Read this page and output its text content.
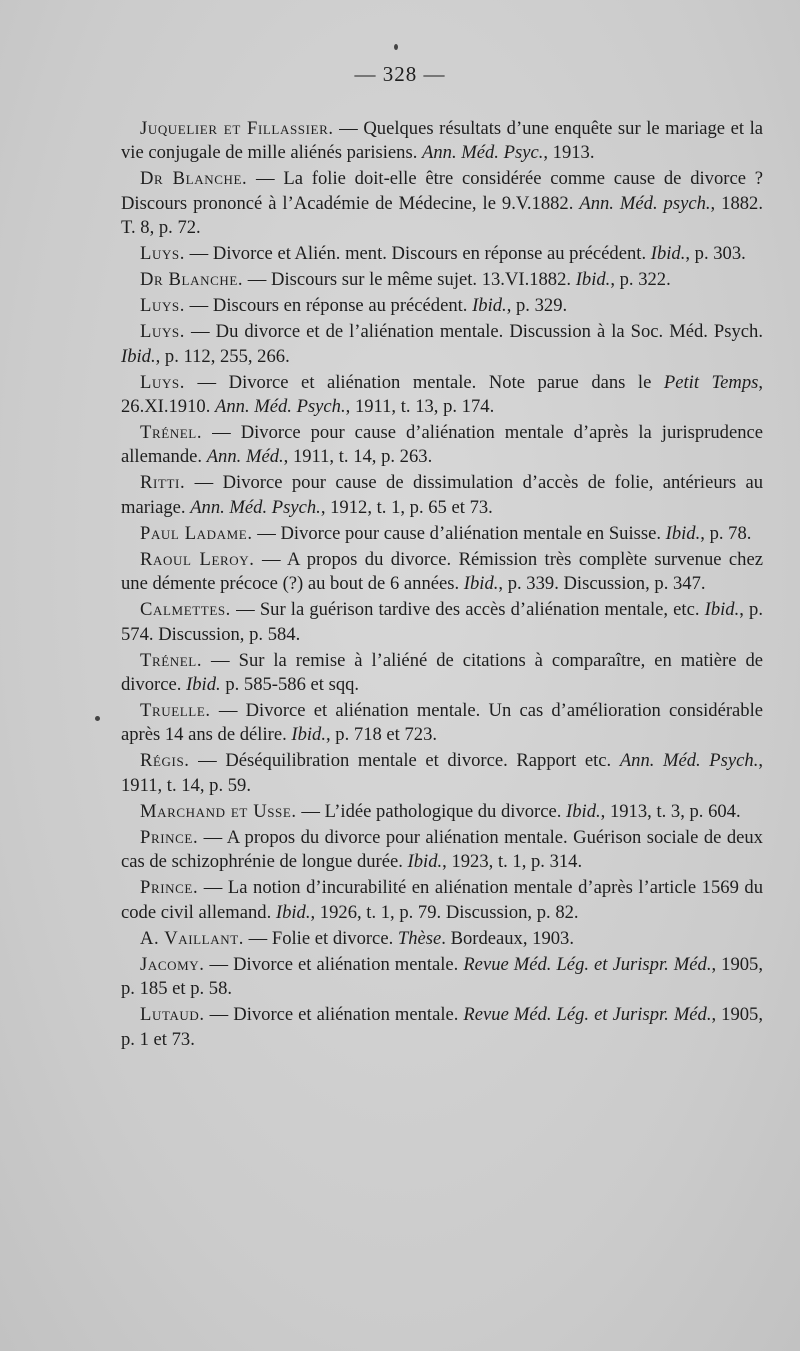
— 328 —

Juquelier et Fillassier. — Quelques résultats d’une enquête sur le mariage et la vie conjugale de mille aliénés parisiens. Ann. Méd. Psyc., 1913.

Dr Blanche. — La folie doit-elle être considérée comme cause de divorce ? Discours prononcé à l’Académie de Médecine, le 9.V.1882. Ann. Méd. psych., 1882. T. 8, p. 72.

Luys. — Divorce et Alién. ment. Discours en réponse au précédent. Ibid., p. 303.

Dr Blanche. — Discours sur le même sujet. 13.VI.1882. Ibid., p. 322.

Luys. — Discours en réponse au précédent. Ibid., p. 329.

Luys. — Du divorce et de l’aliénation mentale. Discussion à la Soc. Méd. Psych. Ibid., p. 112, 255, 266.

Luys. — Divorce et aliénation mentale. Note parue dans le Petit Temps, 26.XI.1910. Ann. Méd. Psych., 1911, t. 13, p. 174.

Trénel. — Divorce pour cause d’aliénation mentale d’après la jurisprudence allemande. Ann. Méd., 1911, t. 14, p. 263.

Ritti. — Divorce pour cause de dissimulation d’accès de folie, antérieurs au mariage. Ann. Méd. Psych., 1912, t. 1, p. 65 et 73.

Paul Ladame. — Divorce pour cause d’aliénation mentale en Suisse. Ibid., p. 78.

Raoul Leroy. — A propos du divorce. Rémission très complète survenue chez une démente précoce (?) au bout de 6 années. Ibid., p. 339. Discussion, p. 347.

Calmettes. — Sur la guérison tardive des accès d’aliénation mentale, etc. Ibid., p. 574. Discussion, p. 584.

Trénel. — Sur la remise à l’aliéné de citations à comparaître, en matière de divorce. Ibid. p. 585-586 et sqq.

Truelle. — Divorce et aliénation mentale. Un cas d’amélioration considérable après 14 ans de délire. Ibid., p. 718 et 723.

Régis. — Déséquilibration mentale et divorce. Rapport etc. Ann. Méd. Psych., 1911, t. 14, p. 59.

Marchand et Usse. — L’idée pathologique du divorce. Ibid., 1913, t. 3, p. 604.

Prince. — A propos du divorce pour aliénation mentale. Guérison sociale de deux cas de schizophrénie de longue durée. Ibid., 1923, t. 1, p. 314.

Prince. — La notion d’incurabilité en aliénation mentale d’après l’article 1569 du code civil allemand. Ibid., 1926, t. 1, p. 79. Discussion, p. 82.

A. Vaillant. — Folie et divorce. Thèse. Bordeaux, 1903.

Jacomy. — Divorce et aliénation mentale. Revue Méd. Lég. et Jurispr. Méd., 1905, p. 185 et p. 58.

Lutaud. — Divorce et aliénation mentale. Revue Méd. Lég. et Jurispr. Méd., 1905, p. 1 et 73.
